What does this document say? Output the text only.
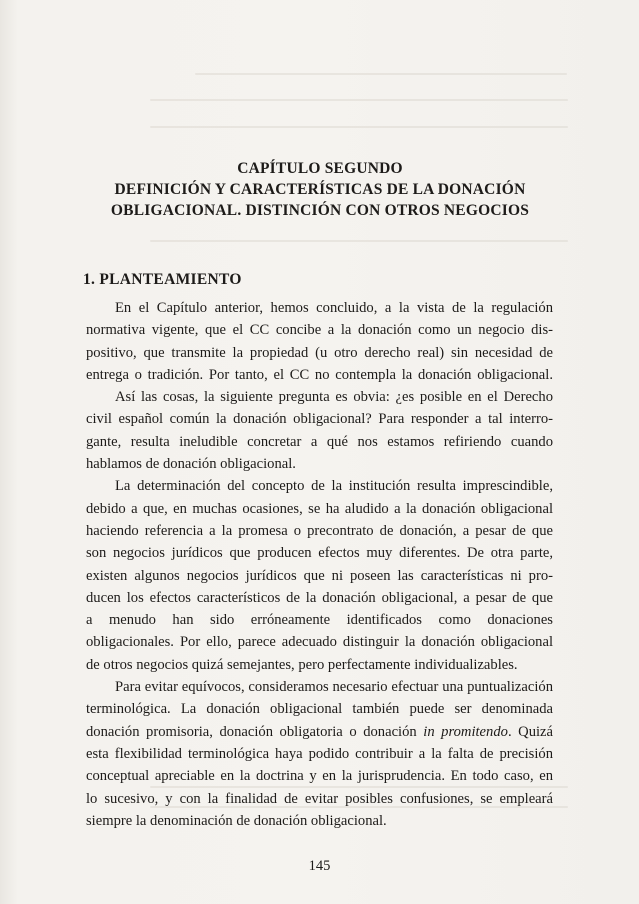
CAPÍTULO SEGUNDO
DEFINICIÓN Y CARACTERÍSTICAS DE LA DONACIÓN
OBLIGACIONAL. DISTINCIÓN CON OTROS NEGOCIOS
1. PLANTEAMIENTO
En el Capítulo anterior, hemos concluido, a la vista de la regulación
normativa vigente, que el CC concibe a la donación como un negocio dis-
positivo, que transmite la propiedad (u otro derecho real) sin necesidad de
entrega o tradición. Por tanto, el CC no contempla la donación obligacional.
Así las cosas, la siguiente pregunta es obvia: ¿es posible en el Derecho
civil español común la donación obligacional? Para responder a tal interro-
gante, resulta ineludible concretar a qué nos estamos refiriendo cuando
hablamos de donación obligacional.
La determinación del concepto de la institución resulta imprescindible,
debido a que, en muchas ocasiones, se ha aludido a la donación obligacional
haciendo referencia a la promesa o precontrato de donación, a pesar de que
son negocios jurídicos que producen efectos muy diferentes. De otra parte,
existen algunos negocios jurídicos que ni poseen las características ni pro-
ducen los efectos característicos de la donación obligacional, a pesar de que
a menudo han sido erróneamente identificados como donaciones
obligacionales. Por ello, parece adecuado distinguir la donación obligacional
de otros negocios quizá semejantes, pero perfectamente individualizables.
Para evitar equívocos, consideramos necesario efectuar una puntualización
terminológica. La donación obligacional también puede ser denominada
donación promisoria, donación obligatoria o donación in promitendo. Quizá
esta flexibilidad terminológica haya podido contribuir a la falta de precisión
conceptual apreciable en la doctrina y en la jurisprudencia. En todo caso, en
lo sucesivo, y con la finalidad de evitar posibles confusiones, se empleará
siempre la denominación de donación obligacional.
145
